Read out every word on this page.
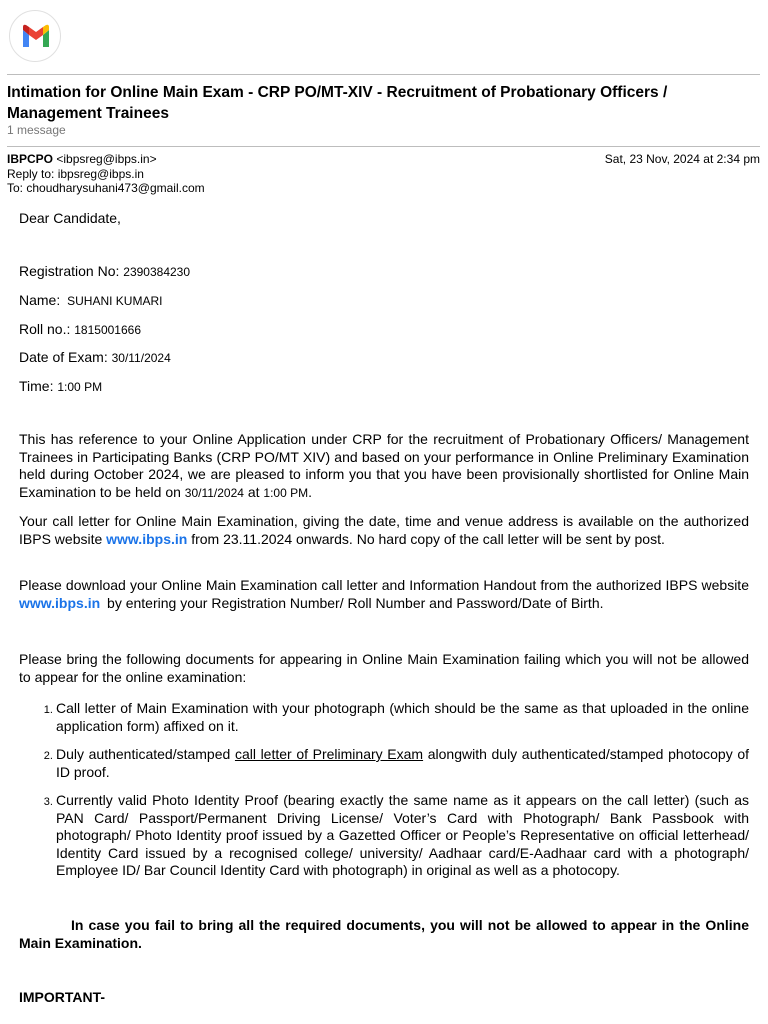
Intimation for Online Main Exam - CRP PO/MT-XIV - Recruitment of Probationary Officers / Management Trainees
1 message
IBPCPO <ibpsreg@ibps.in>
Reply to: ibpsreg@ibps.in
To: choudharysuhani473@gmail.com
Sat, 23 Nov, 2024 at 2:34 pm
Dear Candidate,
Registration No: 2390384230
Name: SUHANI KUMARI
Roll no.: 1815001666
Date of Exam: 30/11/2024
Time: 1:00 PM
This has reference to your Online Application under CRP for the recruitment of Probationary Officers/ Management Trainees in Participating Banks (CRP PO/MT XIV) and based on your performance in Online Preliminary Examination held during October 2024, we are pleased to inform you that you have been provisionally shortlisted for Online Main Examination to be held on 30/11/2024 at 1:00 PM.
Your call letter for Online Main Examination, giving the date, time and venue address is available on the authorized IBPS website www.ibps.in from 23.11.2024 onwards. No hard copy of the call letter will be sent by post.
Please download your Online Main Examination call letter and Information Handout from the authorized IBPS website www.ibps.in by entering your Registration Number/ Roll Number and Password/Date of Birth.
Please bring the following documents for appearing in Online Main Examination failing which you will not be allowed to appear for the online examination:
1. Call letter of Main Examination with your photograph (which should be the same as that uploaded in the online application form) affixed on it.
2. Duly authenticated/stamped call letter of Preliminary Exam alongwith duly authenticated/stamped photocopy of ID proof.
3. Currently valid Photo Identity Proof (bearing exactly the same name as it appears on the call letter) (such as PAN Card/ Passport/Permanent Driving License/ Voter’s Card with Photograph/ Bank Passbook with photograph/ Photo Identity proof issued by a Gazetted Officer or People’s Representative on official letterhead/ Identity Card issued by a recognised college/ university/ Aadhaar card/E-Aadhaar card with a photograph/ Employee ID/ Bar Council Identity Card with photograph) in original as well as a photocopy.
In case you fail to bring all the required documents, you will not be allowed to appear in the Online Main Examination.
IMPORTANT-
